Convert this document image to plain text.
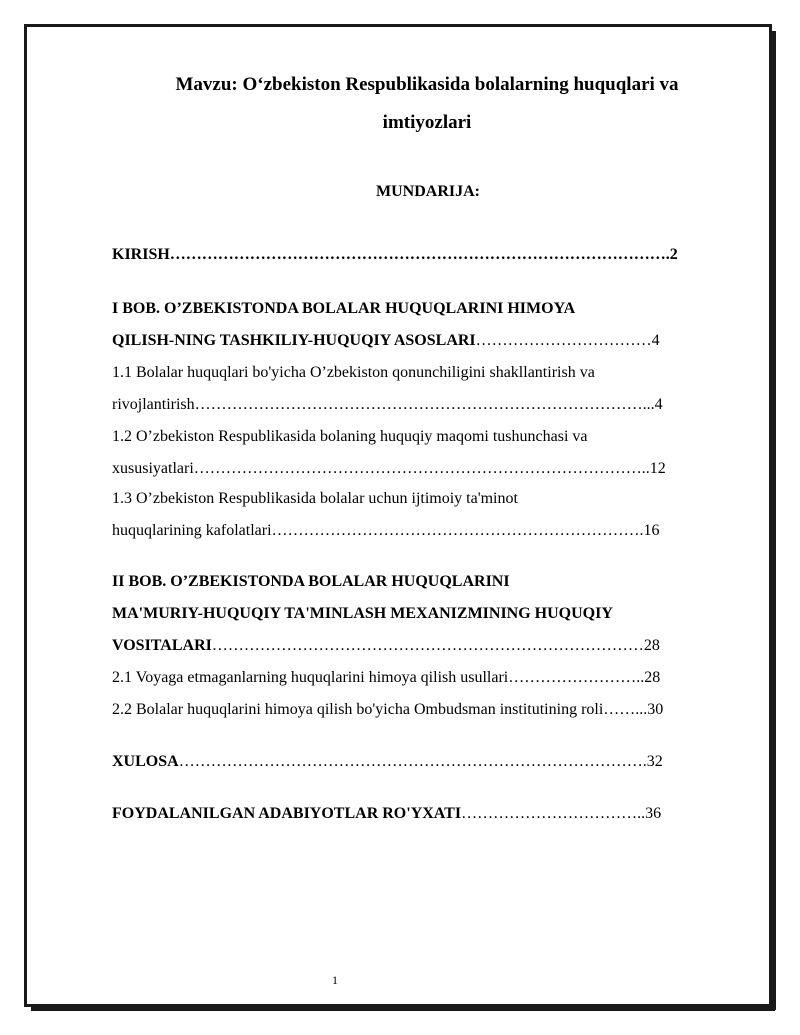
Mavzu: O‘zbekiston Respublikasida bolalarning huquqlari va
imtiyozlari
MUNDARIJA:
KIRISH………………………………………………………………………………….2
I BOB. O’ZBEKISTONDA BOLALAR HUQUQLARINI HIMOYA
QILISH-NING TASHKILIY-HUQUQIY ASOSLARI……………………………4
1.1 Bolalar huquqlari bo'yicha O’zbekiston qonunchiligini shakllantirish va
rivojlantirish…………………………………………………………………………...4
1.2 O’zbekiston Respublikasida bolaning huquqiy maqomi tushunchasi va
xususiyatlari…………………………………………………………………………..12
1.3 O’zbekiston Respublikasida bolalar uchun ijtimoiy ta'minot
huquqlarining kafolatlari…………………………………………………………….16
II BOB. O’ZBEKISTONDA BOLALAR HUQUQLARINI
MA'MURIY-HUQUQIY TA'MINLASH MEXANIZMINING HUQUQIY
VOSITALARI………………………………………………………………………28
2.1 Voyaga etmaganlarning huquqlarini himoya qilish usullari……………………..28
2.2 Bolalar huquqlarini himoya qilish bo'yicha Ombudsman institutining roli……...30
XULOSA…………………………………………………………………………….32
FOYDALANILGAN ADABIYOTLAR RO'YXATI……………………………..36
1
